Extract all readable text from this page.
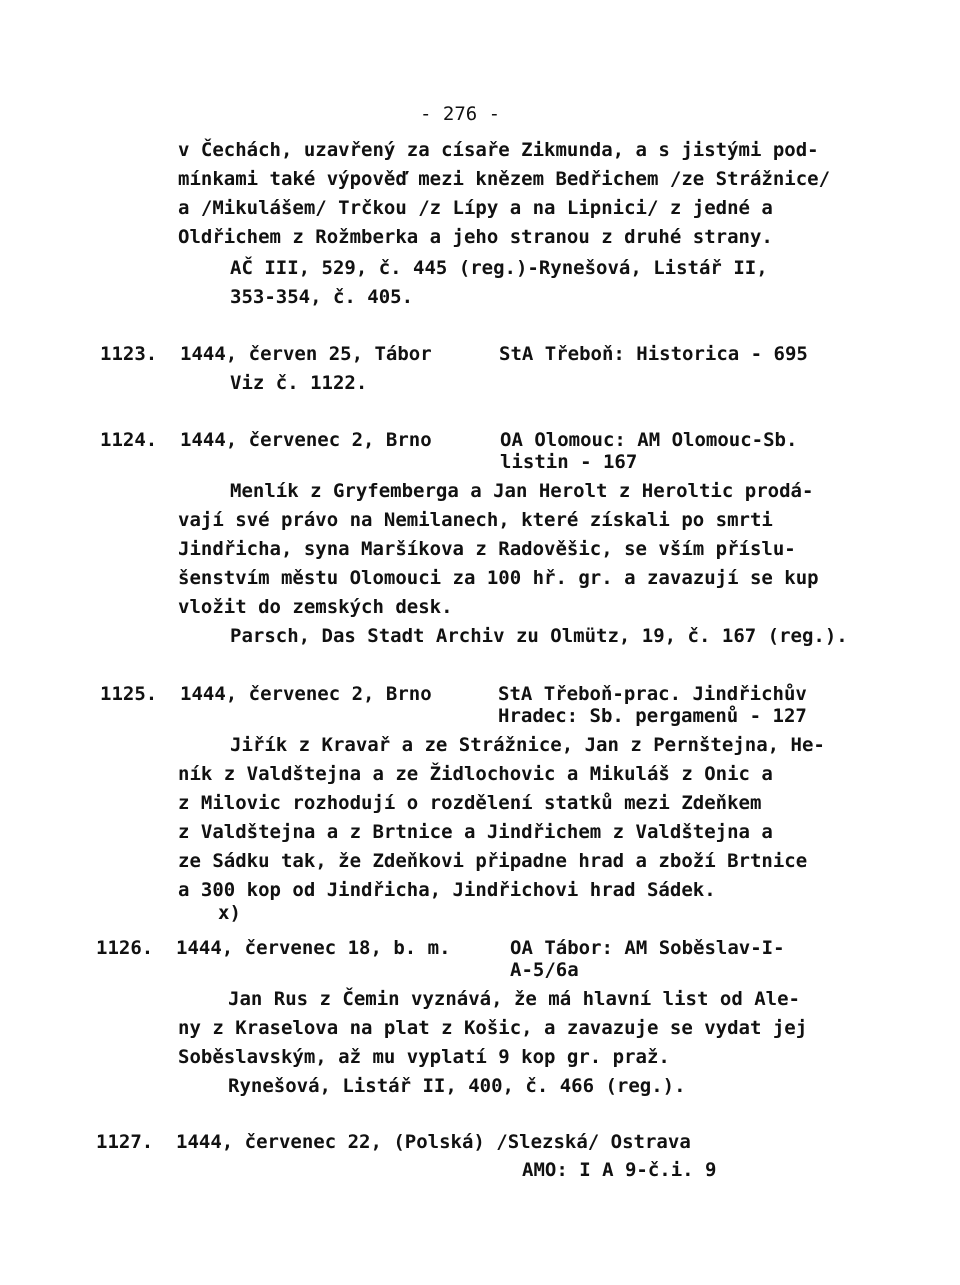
- 276 -
v Čechách, uzavřený za císaře Zikmunda, a s jistými pod-
mínkami také výpověď mezi knězem Bedřichem /ze Strážnice/
a /Mikulášem/ Trčkou /z Lípy a na Lipnici/ z jedné a
Oldřichem z Rožmberka a jeho stranou z druhé strany.
AČ III, 529, č. 445 (reg.)-Rynešová, Listář II,
353-354, č. 405.
1123. 1444, červen 25, Tábor	StA Třeboň: Historica - 695
Viz č. 1122.
1124. 1444, červenec 2, Brno	OA Olomouc: AM Olomouc-Sb.
listin - 167
Menlík z Gryfemberga a Jan Herolt z Heroltic prodá-
vají své právo na Nemilanech, které získali po smrti
Jindřicha, syna Maršíkova z Radověšic, se vším příslu-
šenstvím městu Olomouci za 100 hř. gr. a zavazují se kup
vložit do zemských desk.
Parsch, Das Stadt Archiv zu Olmütz, 19, č. 167 (reg.).
1125. 1444, červenec 2, Brno	StA Třeboň-prac. Jindřichův
Hradec: Sb. pergamenů - 127
Jiřík z Kravař a ze Strážnice, Jan z Pernštejna, He-
ník z Valdštejna a ze Židlochovic a Mikuláš z Onic a
z Milovic rozhodují o rozdělení statků mezi Zdeňkem
z Valdštejna a z Brtnice a Jindřichem z Valdštejna a
ze Sádku tak, že Zdeňkovi připadne hrad a zboží Brtnice
a 300 kop od Jindřicha, Jindřichovi hrad Sádek.
x)
1126. 1444, červenec 18, b. m.	OA Tábor: AM Soběslav-I-
A-5/6a
Jan Rus z Čemin vyznává, že má hlavní list od Ale-
ny z Kraselova na plat z Košic, a zavazuje se vydat jej
Soběslavským, až mu vyplatí 9 kop gr. praž.
Rynešová, Listář II, 400, č. 466 (reg.).
1127. 1444, červenec 22, (Polská) /Slezská/ Ostrava
AMO: I A 9-č.i. 9
